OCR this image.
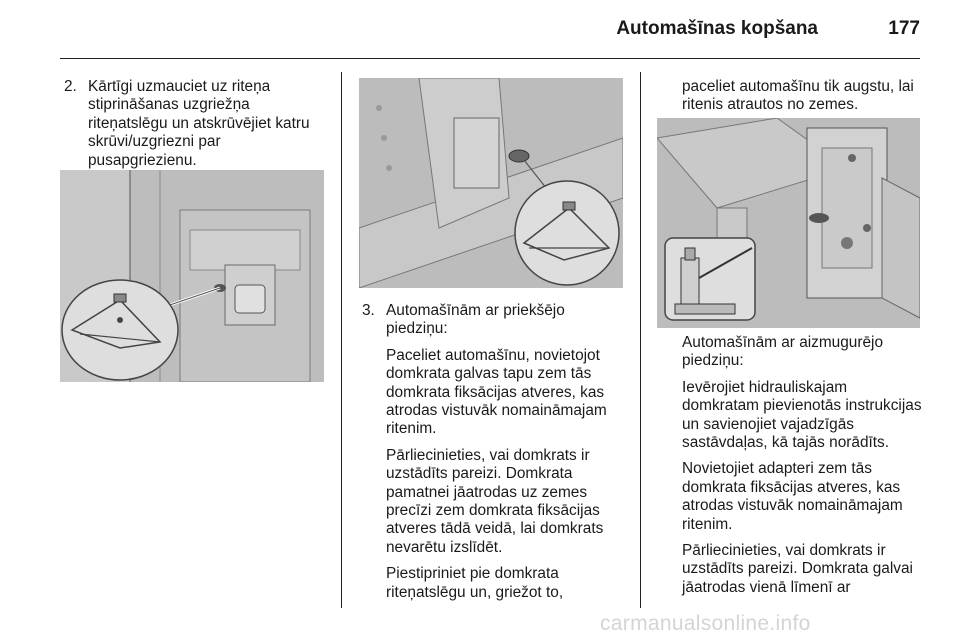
Automašīnas kopšana	177
2. Kārtīgi uzmauciet uz riteņa stiprināšanas uzgriežņa riteņatslēgu un atskrūvējiet katru skrūvi/uzgriezni par pusapgriezienu.
3. Automašīnām ar priekšējo piedziņu:

Paceliet automašīnu, novietojot domkrata galvas tapu zem tās domkrata fiksācijas atveres, kas atrodas vistuvāk nomaināmajam ritenim.

Pārliecinieties, vai domkrats ir uzstādīts pareizi. Domkrata pamatnei jāatrodas uz zemes precīzi zem domkrata fiksācijas atveres tādā veidā, lai domkrats nevarētu izslīdēt.

Piestipriniet pie domkrata riteņatslēgu un, griežot to,

paceliet automašīnu tik augstu, lai ritenis atrautos no zemes.

Automašīnām ar aizmugurējo piedziņu:

Ievērojiet hidrauliskajam domkratam pievienotās instrukcijas un savienojiet vajadzīgās sastāvdaļas, kā tajās norādīts.

Novietojiet adapteri zem tās domkrata fiksācijas atveres, kas atrodas vistuvāk nomaināmajam ritenim.

Pārliecinieties, vai domkrats ir uzstādīts pareizi. Domkrata galvai jāatrodas vienā līmenī ar

carmanualsonline.info
